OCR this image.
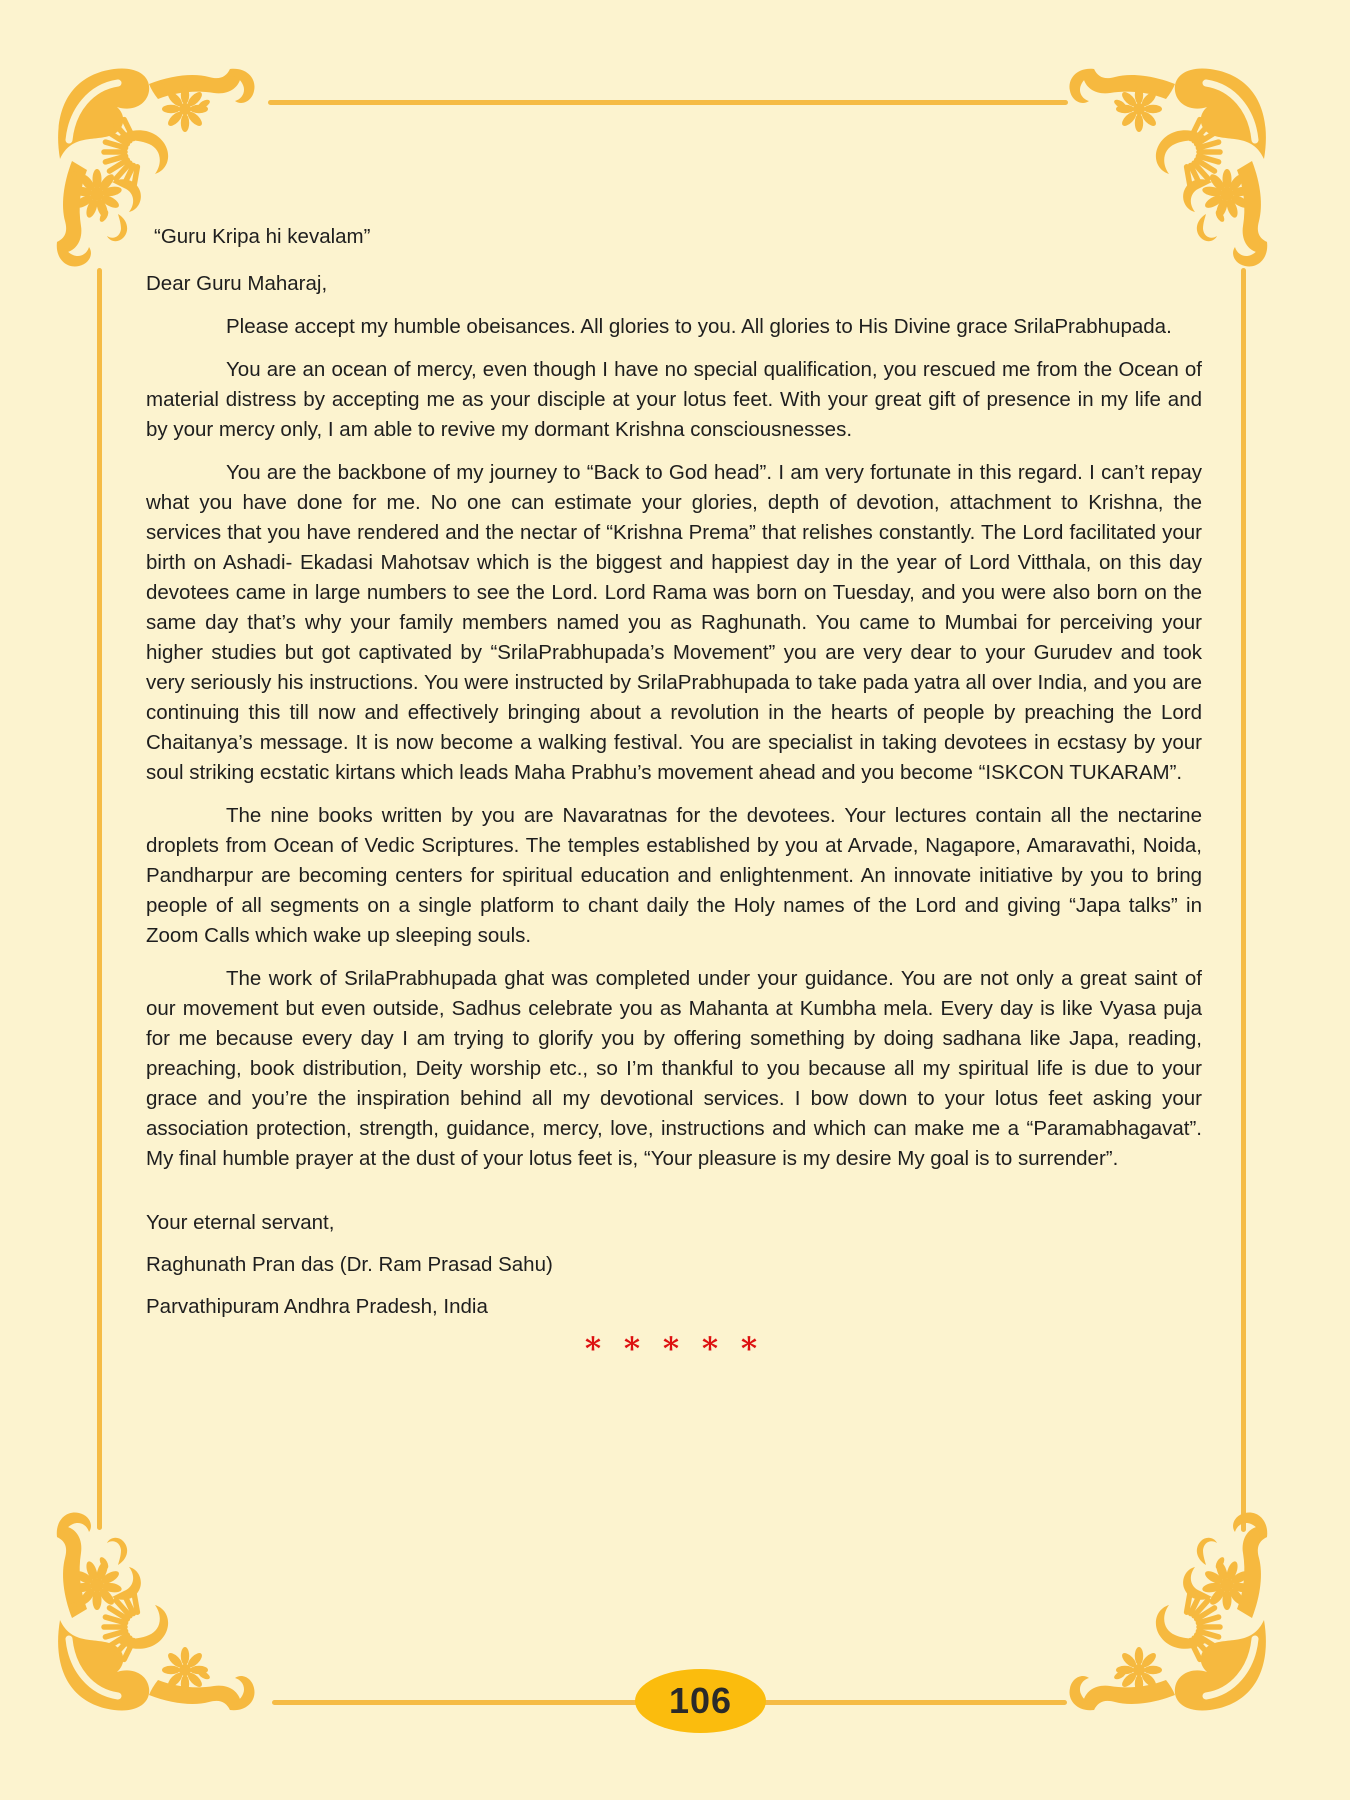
“Guru Kripa hi kevalam”

Dear Guru Maharaj,

Please accept my humble obeisances. All glories to you. All glories to His Divine grace SrilaPrabhupada.

You are an ocean of mercy, even though I have no special qualification, you rescued me from the Ocean of material distress by accepting me as your disciple at your lotus feet. With your great gift of presence in my life and by your mercy only, I am able to revive my dormant Krishna consciousnesses.

You are the backbone of my journey to “Back to God head”. I am very fortunate in this regard. I can’t repay what you have done for me. No one can estimate your glories, depth of devotion, attachment to Krishna, the services that you have rendered and the nectar of “Krishna Prema” that relishes constantly. The Lord facilitated your birth on Ashadi- Ekadasi Mahotsav which is the biggest and happiest day in the year of Lord Vitthala, on this day devotees came in large numbers to see the Lord. Lord Rama was born on Tuesday, and you were also born on the same day that’s why your family members named you as Raghunath. You came to Mumbai for perceiving your higher studies but got captivated by “SrilaPrabhupada’s Movement” you are very dear to your Gurudev and took very seriously his instructions. You were instructed by SrilaPrabhupada to take pada yatra all over India, and you are continuing this till now and effectively bringing about a revolution in the hearts of people by preaching the Lord Chaitanya’s message. It is now become a walking festival. You are specialist in taking devotees in ecstasy by your soul striking ecstatic kirtans which leads Maha Prabhu’s movement ahead and you become “ISKCON TUKARAM”.

The nine books written by you are Navaratnas for the devotees. Your lectures contain all the nectarine droplets from Ocean of Vedic Scriptures. The temples established by you at Arvade, Nagapore, Amaravathi, Noida, Pandharpur are becoming centers for spiritual education and enlightenment. An innovate initiative by you to bring people of all segments on a single platform to chant daily the Holy names of the Lord and giving “Japa talks” in Zoom Calls which wake up sleeping souls.

The work of SrilaPrabhupada ghat was completed under your guidance. You are not only a great saint of our movement but even outside, Sadhus celebrate you as Mahanta at Kumbha mela. Every day is like Vyasa puja for me because every day I am trying to glorify you by offering something by doing sadhana like Japa, reading, preaching, book distribution, Deity worship etc., so I’m thankful to you because all my spiritual life is due to your grace and you’re the inspiration behind all my devotional services. I bow down to your lotus feet asking your association protection, strength, guidance, mercy, love, instructions and which can make me a “Paramabhagavat”. My final humble prayer at the dust of your lotus feet is, “Your pleasure is my desire My goal is to surrender”.

Your eternal servant,

Raghunath Pran das (Dr. Ram Prasad Sahu)

Parvathipuram Andhra Pradesh, India

* * * * *
106
